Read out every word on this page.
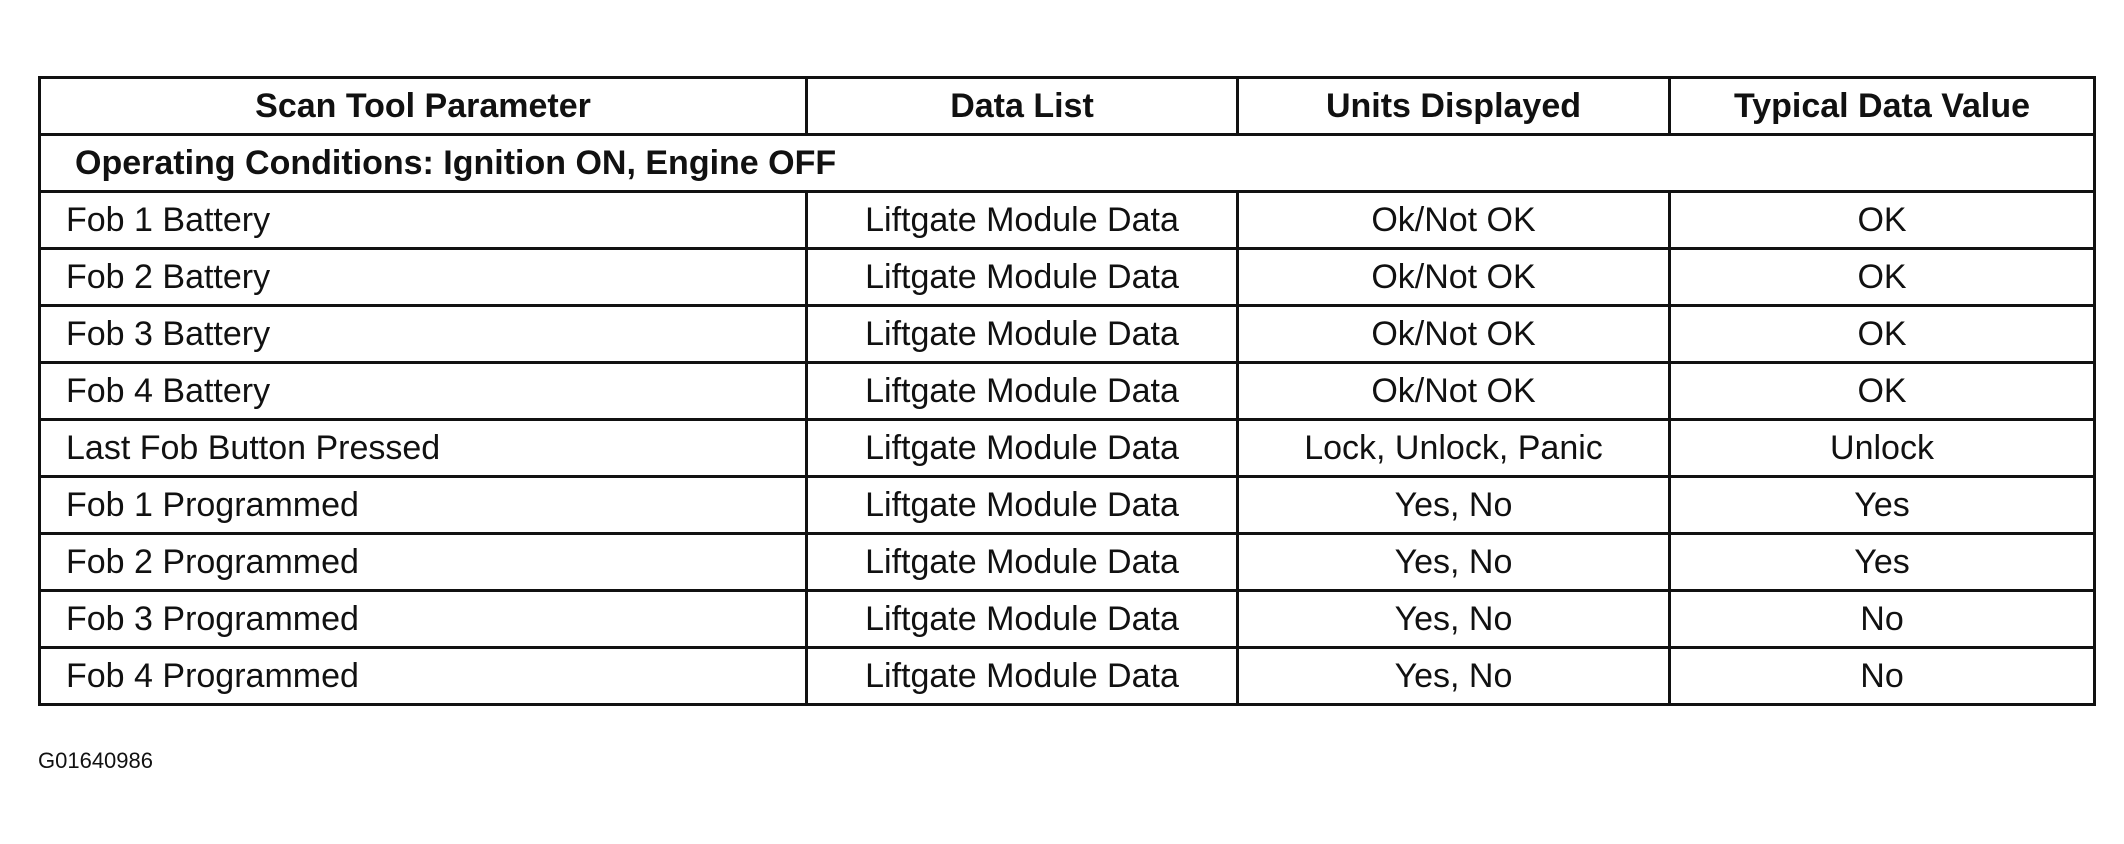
Scan Tool Parameter	Data List	Units Displayed	Typical Data Value
Operating Conditions: Ignition ON, Engine OFF			
Fob 1 Battery	Liftgate Module Data	Ok/Not OK	OK
Fob 2 Battery	Liftgate Module Data	Ok/Not OK	OK
Fob 3 Battery	Liftgate Module Data	Ok/Not OK	OK
Fob 4 Battery	Liftgate Module Data	Ok/Not OK	OK
Last Fob Button Pressed	Liftgate Module Data	Lock, Unlock, Panic	Unlock
Fob 1 Programmed	Liftgate Module Data	Yes, No	Yes
Fob 2 Programmed	Liftgate Module Data	Yes, No	Yes
Fob 3 Programmed	Liftgate Module Data	Yes, No	No
Fob 4 Programmed	Liftgate Module Data	Yes, No	No
G01640986
